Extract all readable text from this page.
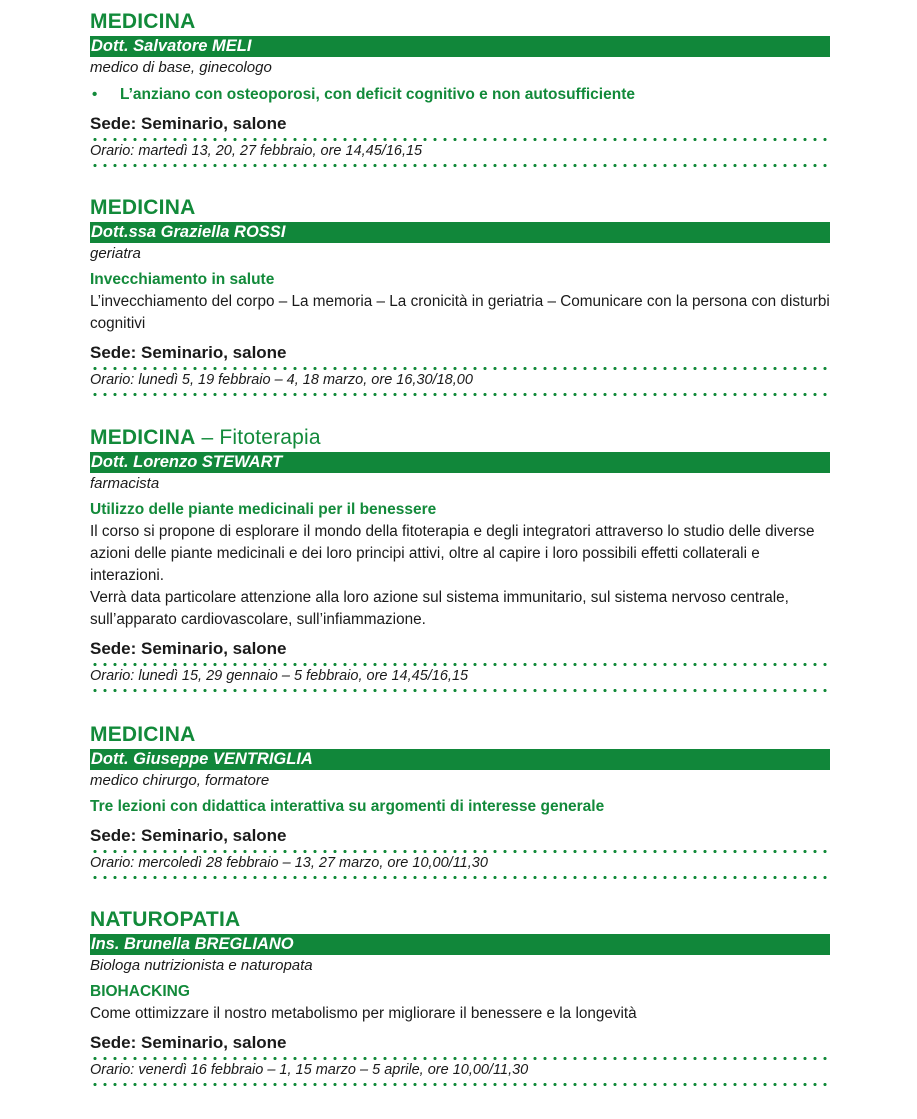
MEDICINA
Dott. Salvatore MELI
medico di base, ginecologo
• L’anziano con osteoporosi, con deficit cognitivo e non autosufficiente
Sede: Seminario, salone
Orario: martedì 13, 20, 27 febbraio, ore 14,45/16,15
MEDICINA
Dott.ssa Graziella ROSSI
geriatra
Invecchiamento in salute
L’invecchiamento del corpo – La memoria – La cronicità in geriatria – Comunicare con la persona con disturbi cognitivi
Sede: Seminario, salone
Orario: lunedì 5, 19 febbraio – 4, 18 marzo, ore 16,30/18,00
MEDICINA – Fitoterapia
Dott. Lorenzo STEWART
farmacista
Utilizzo delle piante medicinali per il benessere
Il corso si propone di esplorare il mondo della fitoterapia e degli integratori attraverso lo studio delle diverse azioni delle piante medicinali e dei loro principi attivi, oltre al capire i loro possibili effetti collaterali e interazioni.
Verrà data particolare attenzione alla loro azione sul sistema immunitario, sul sistema nervoso centrale, sull’apparato cardiovascolare, sull’infiammazione.
Sede: Seminario, salone
Orario: lunedì 15, 29 gennaio – 5 febbraio, ore 14,45/16,15
MEDICINA
Dott. Giuseppe VENTRIGLIA
medico chirurgo, formatore
Tre lezioni con didattica interattiva su argomenti di interesse generale
Sede: Seminario, salone
Orario: mercoledì 28 febbraio – 13, 27 marzo, ore 10,00/11,30
NATUROPATIA
Ins. Brunella BREGLIANO
Biologa nutrizionista e naturopata
BIOHACKING
Come ottimizzare il nostro metabolismo per migliorare il benessere e la longevità
Sede: Seminario, salone
Orario: venerdì 16 febbraio – 1, 15 marzo – 5 aprile, ore 10,00/11,30
